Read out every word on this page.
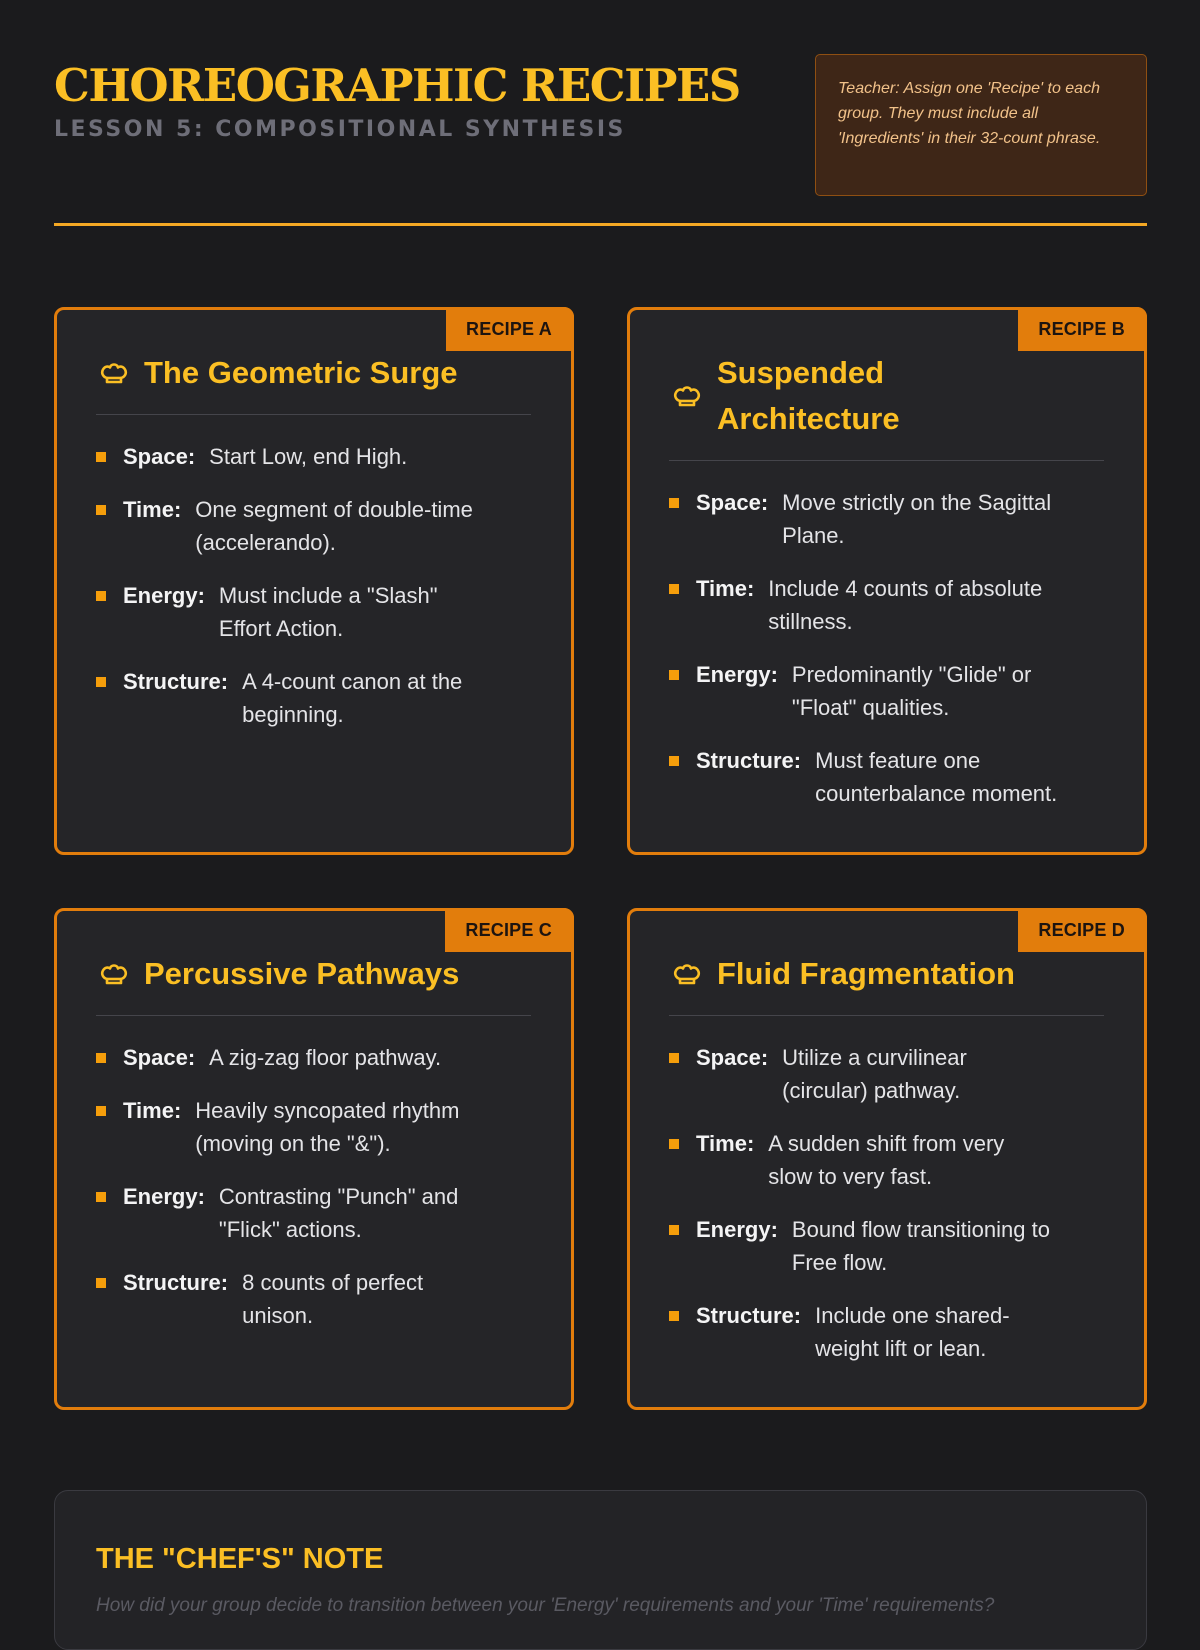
CHOREOGRAPHIC RECIPES
LESSON 5: COMPOSITIONAL SYNTHESIS
Teacher: Assign one 'Recipe' to each group. They must include all 'Ingredients' in their 32-count phrase.
RECIPE A
The Geometric Surge
Space: Start Low, end High.
Time: One segment of double-time
(accelerando).
Energy: Must include a "Slash"
Effort Action.
Structure: A 4-count canon at the
beginning.
RECIPE B
Suspended
Architecture
Space: Move strictly on the Sagittal
Plane.
Time: Include 4 counts of absolute
stillness.
Energy: Predominantly "Glide" or
"Float" qualities.
Structure: Must feature one
counterbalance moment.
RECIPE C
Percussive Pathways
Space: A zig-zag floor pathway.
Time: Heavily syncopated rhythm
(moving on the "&").
Energy: Contrasting "Punch" and
"Flick" actions.
Structure: 8 counts of perfect
unison.
RECIPE D
Fluid Fragmentation
Space: Utilize a curvilinear
(circular) pathway.
Time: A sudden shift from very
slow to very fast.
Energy: Bound flow transitioning to
Free flow.
Structure: Include one shared-
weight lift or lean.
THE "CHEF'S" NOTE
How did your group decide to transition between your 'Energy' requirements and your 'Time' requirements?
